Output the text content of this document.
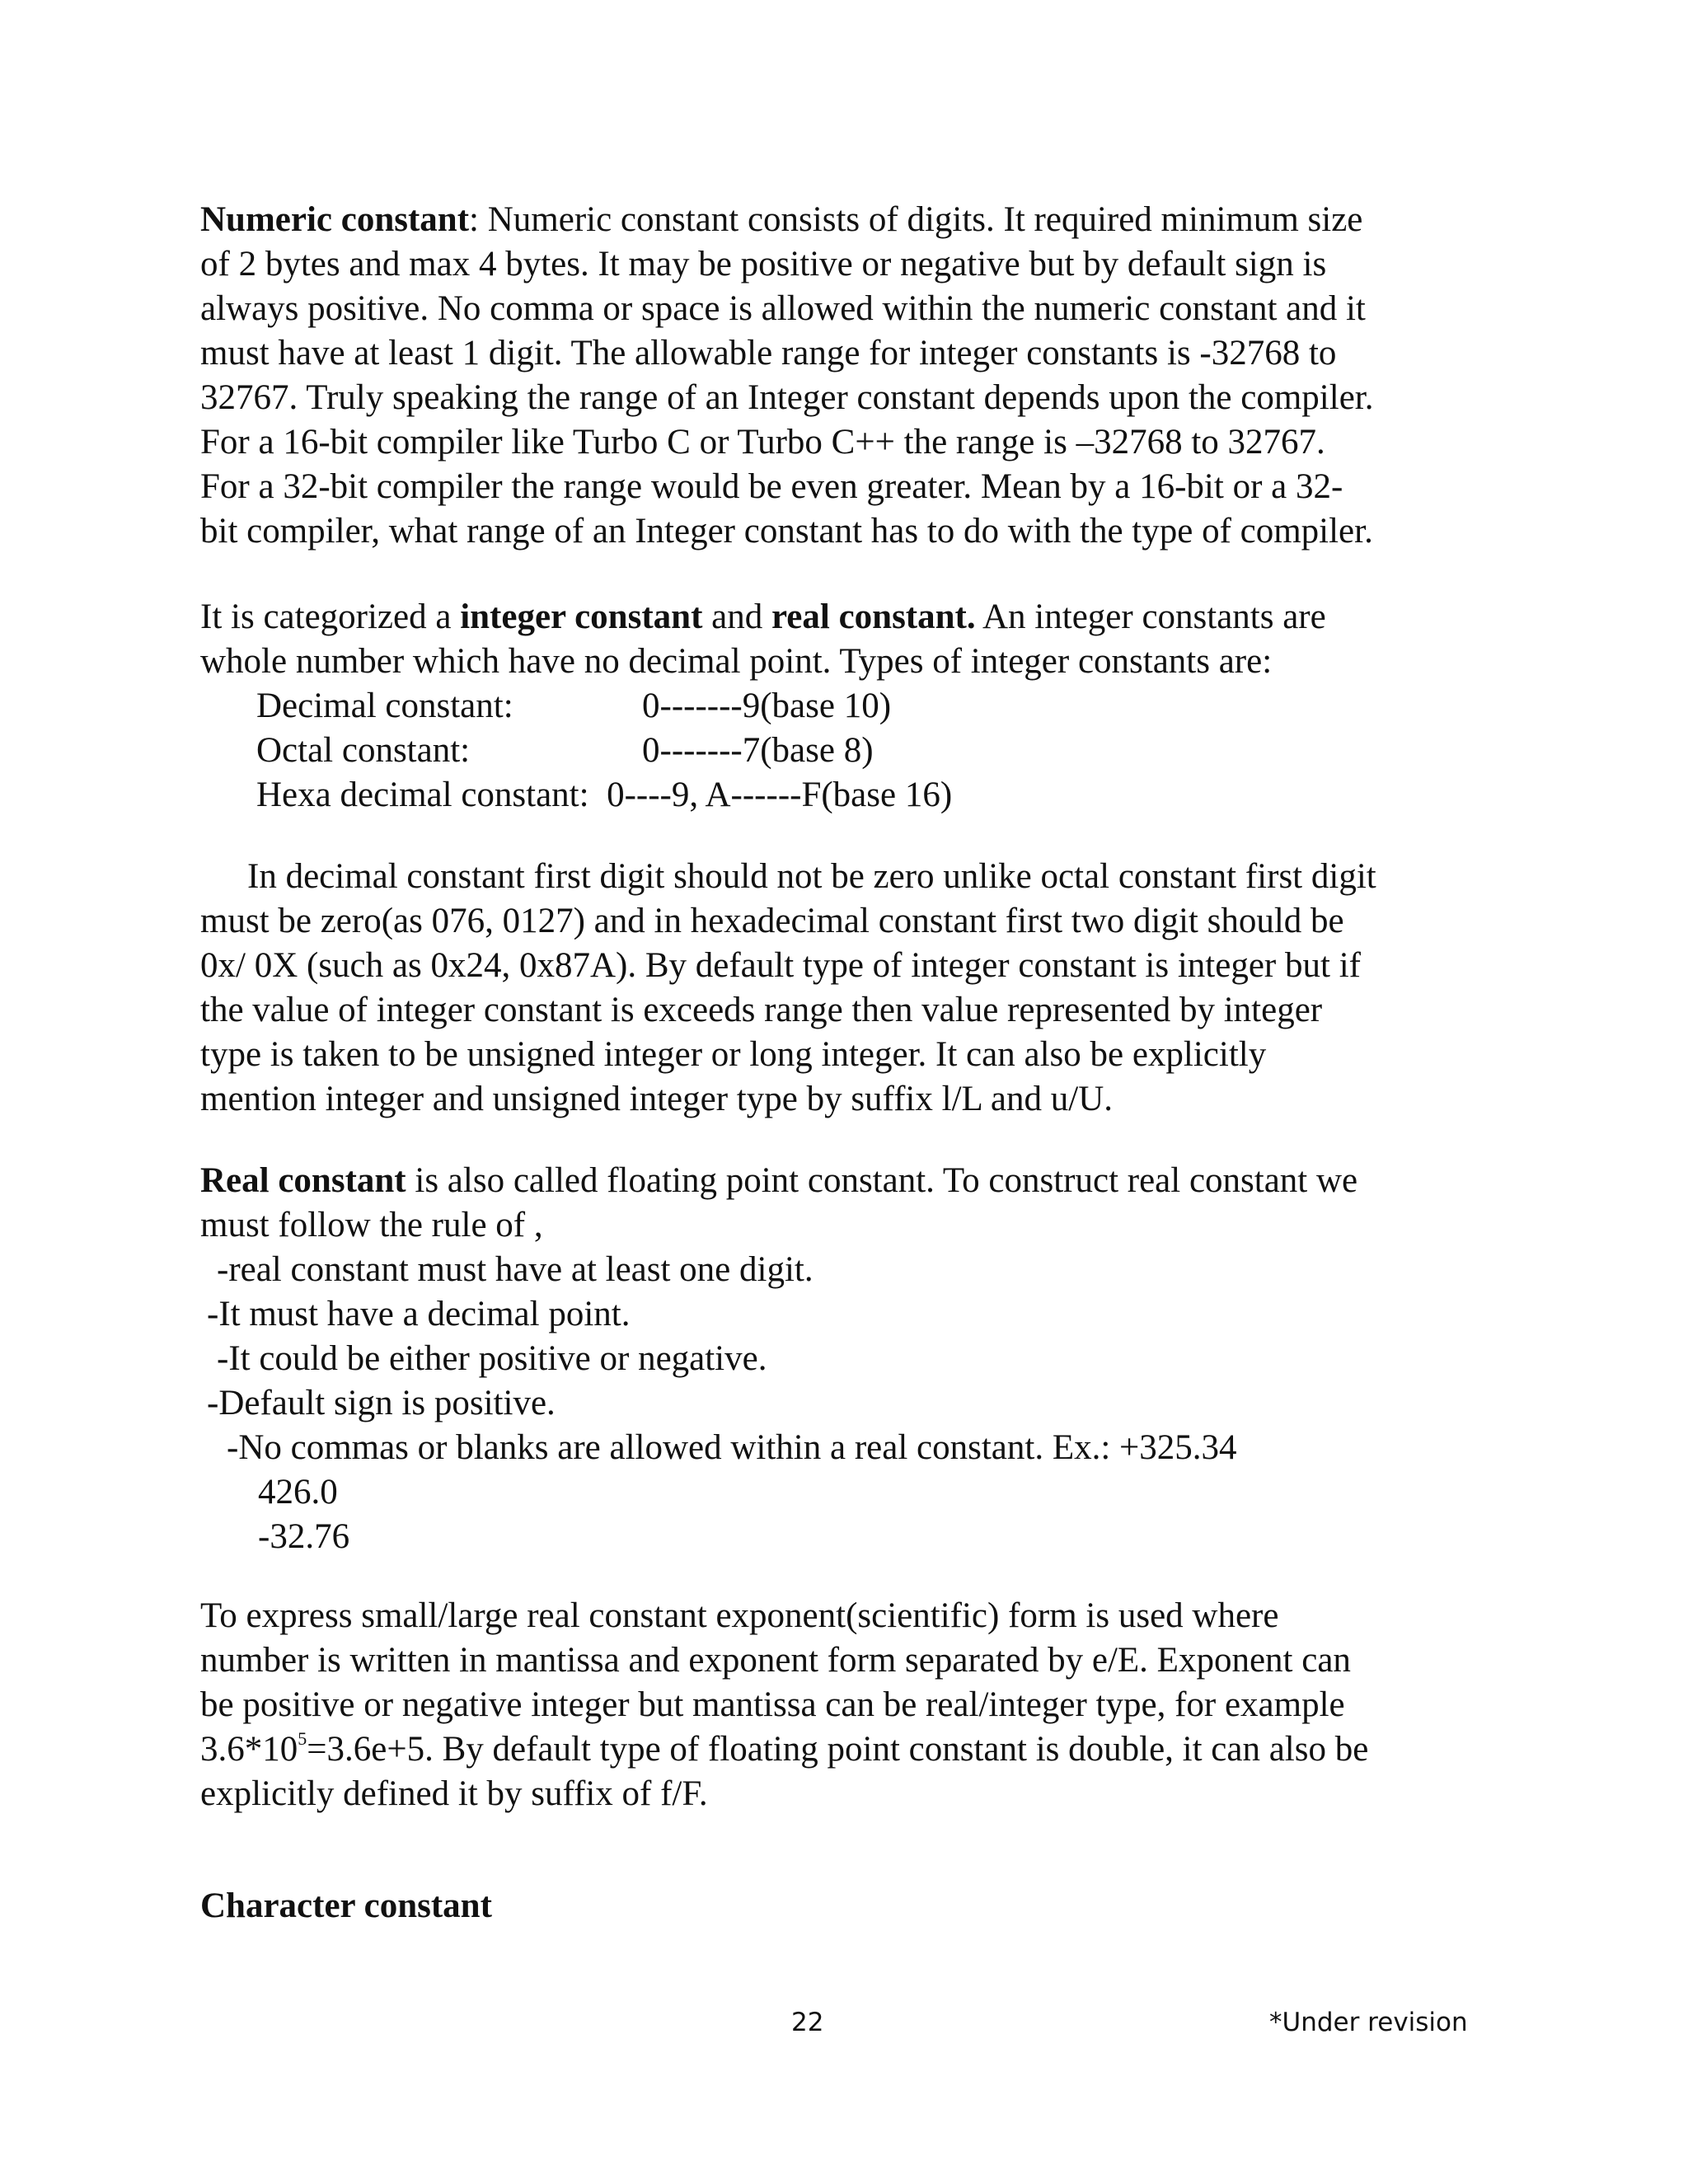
Numeric constant: Numeric constant consists of digits. It required minimum size
of 2 bytes and max 4 bytes. It may be positive or negative but by default sign is
always positive. No comma or space is allowed within the numeric constant and it
must have at least 1 digit. The allowable range for integer constants is -32768 to
32767. Truly speaking the range of an Integer constant depends upon the compiler.
For a 16-bit compiler like Turbo C or Turbo C++ the range is –32768 to 32767.
For a 32-bit compiler the range would be even greater. Mean by a 16-bit or a 32-
bit compiler, what range of an Integer constant has to do with the type of compiler.
It is categorized a integer constant and real constant. An integer constants are
whole number which have no decimal point. Types of integer constants are:
Decimal constant:	0-------9(base 10)
Octal constant:	0-------7(base 8)
Hexa decimal constant:  0----9, A------F(base 16)
In decimal constant first digit should not be zero unlike octal constant first digit
must be zero(as 076, 0127) and in hexadecimal constant first two digit should be
0x/ 0X (such as 0x24, 0x87A). By default type of integer constant is integer but if
the value of integer constant is exceeds range then value represented by integer
type is taken to be unsigned integer or long integer. It can also be explicitly
mention integer and unsigned integer type by suffix l/L and u/U.
Real constant is also called floating point constant. To construct real constant we
must follow the rule of ,
-real constant must have at least one digit.
-It must have a decimal point.
-It could be either positive or negative.
-Default sign is positive.
-No commas or blanks are allowed within a real constant. Ex.: +325.34
426.0
-32.76
To express small/large real constant exponent(scientific) form is used where
number is written in mantissa and exponent form separated by e/E. Exponent can
be positive or negative integer but mantissa can be real/integer type, for example
$3.6*10^5=3.6e+5$. By default type of floating point constant is double, it can also be
explicitly defined it by suffix of f/F.
Character constant
22	*Under revision
